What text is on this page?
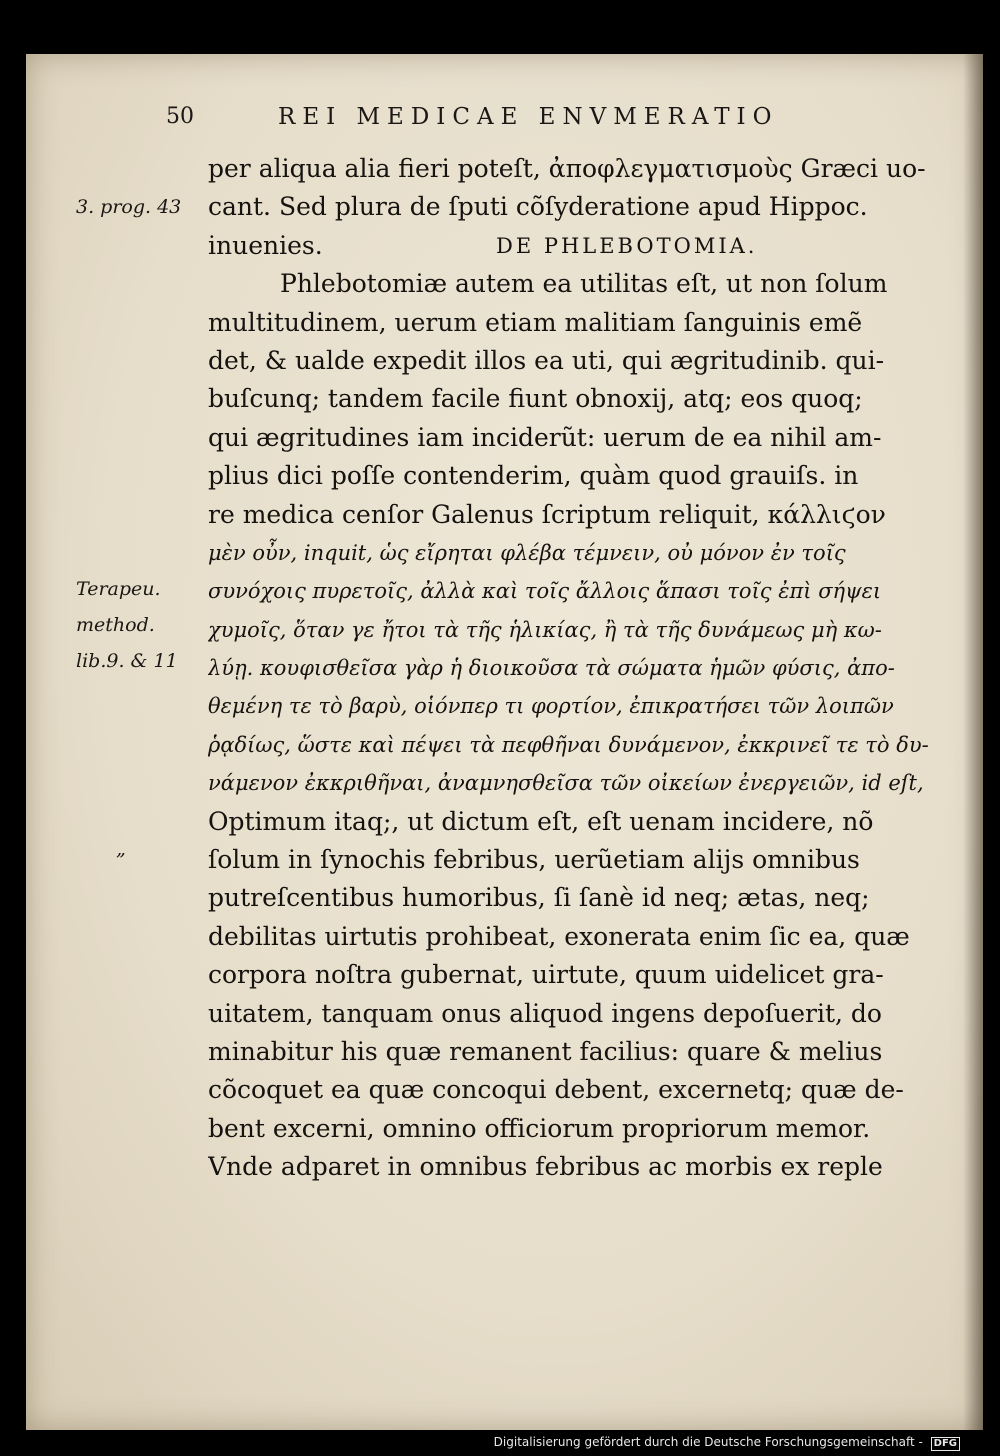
50	REI MEDICAE ENVMERATIO
3. prog. 43
Terapeu.
method.
lib.9. & 11
„
per aliqua alia fieri poteſt, ἀποφλεγματισμοὺς Græci uo-
cant. Sed plura de ſputi cõſyderatione apud Hippoc.
inuenies.	DE PHLEBOTOMIA.
Phlebotomiæ autem ea utilitas eſt, ut non ſolum
multitudinem, uerum etiam malitiam ſanguinis emẽ
det, & ualde expedit illos ea uti, qui ægritudinib. qui-
buſcunq; tandem facile fiunt obnoxij, atq; eos quoq;
qui ægritudines iam inciderũt: uerum de ea nihil am-
plius dici poſſe contenderim, quàm quod grauiſs. in
re medica cenſor Galenus ſcriptum reliquit, κάλλιϛον
μὲν οὖν, inquit, ὡς εἴρηται φλέβα τέμνειν, οὐ μόνον ἐν τοῖς
συνόχοις πυρετοῖς, ἀλλὰ καὶ τοῖς ἄλλοις ἅπασι τοῖς ἐπὶ σήψει
χυμοῖς, ὅταν γε ἤτοι τὰ τῆς ἡλικίας, ἢ τὰ τῆς δυνάμεως μὴ κω-
λύῃ. κουφισθεῖσα γὰρ ἡ διοικοῦσα τὰ σώματα ἡμῶν φύσις, ἀπο-
θεμένη τε τὸ βαρὺ, οἱόνπερ τι φορτίον, ἐπικρατήσει τῶν λοιπῶν
ῥᾳδίως, ὥστε καὶ πέψει τὰ πεφθῆναι δυνάμενον, ἐκκρινεῖ τε τὸ δυ-
νάμενον ἐκκριθῆναι, ἀναμνησθεῖσα τῶν οἰκείων ἐνεργειῶν, id eſt,
Optimum itaq;, ut dictum eſt, eſt uenam incidere, nõ
ſolum in ſynochis febribus, uerũetiam alijs omnibus
putreſcentibus humoribus, ſi ſanè id neq; ætas, neq;
debilitas uirtutis prohibeat, exonerata enim ſic ea, quæ
corpora noſtra gubernat, uirtute, quum uidelicet gra-
uitatem, tanquam onus aliquod ingens depoſuerit, do
minabitur his quæ remanent facilius: quare & melius
cõcoquet ea quæ concoqui debent, excernetq; quæ de-
bent excerni, omnino officiorum propriorum memor.
Vnde adparet in omnibus febribus ac morbis ex reple
Digitalisierung gefördert durch die Deutsche Forschungsgemeinschaft - DFG
